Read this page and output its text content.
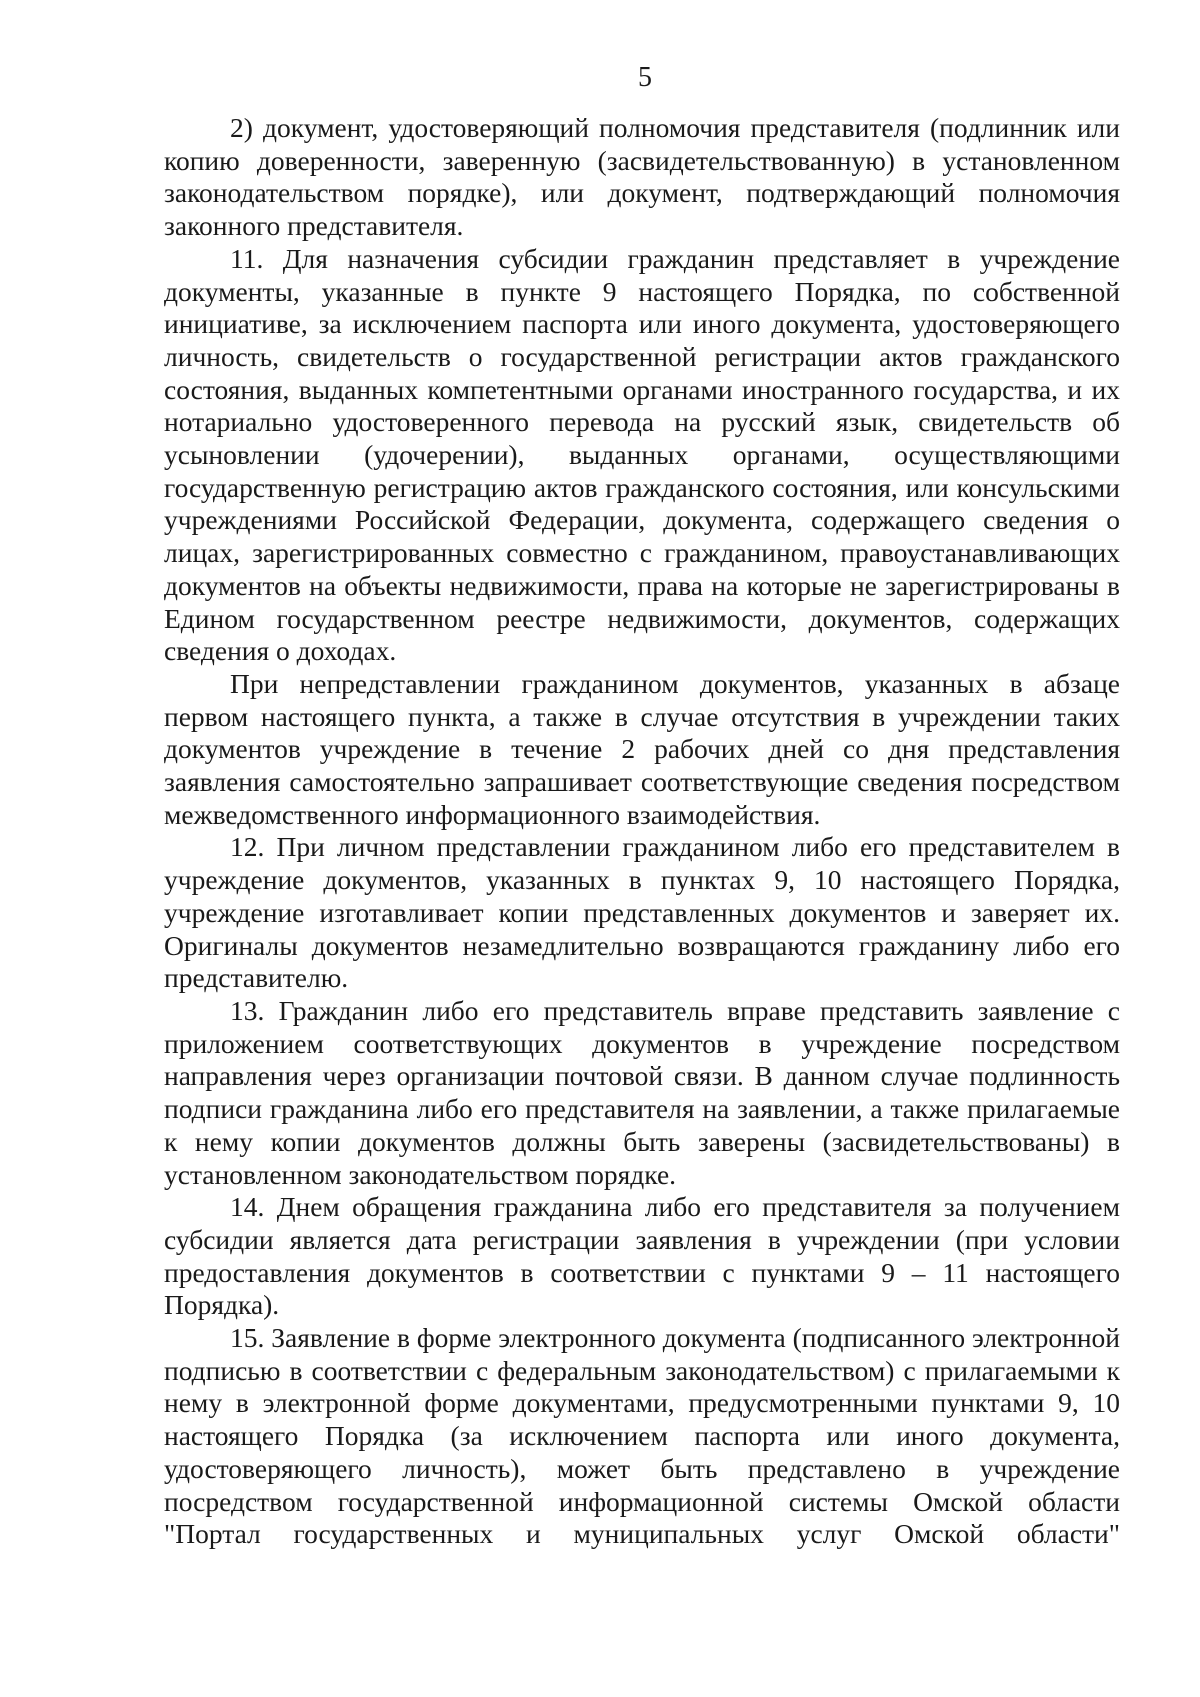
5

2) документ, удостоверяющий полномочия представителя (подлинник или копию доверенности, заверенную (засвидетельствованную) в установленном законодательством порядке), или документ, подтверждающий полномочия законного представителя.

11. Для назначения субсидии гражданин представляет в учреждение документы, указанные в пункте 9 настоящего Порядка, по собственной инициативе, за исключением паспорта или иного документа, удостоверяющего личность, свидетельств о государственной регистрации актов гражданского состояния, выданных компетентными органами иностранного государства, и их нотариально удостоверенного перевода на русский язык, свидетельств об усыновлении (удочерении), выданных органами, осуществляющими государственную регистрацию актов гражданского состояния, или консульскими учреждениями Российской Федерации, документа, содержащего сведения о лицах, зарегистрированных совместно с гражданином, правоустанавливающих документов на объекты недвижимости, права на которые не зарегистрированы в Едином государственном реестре недвижимости, документов, содержащих сведения о доходах.

При непредставлении гражданином документов, указанных в абзаце первом настоящего пункта, а также в случае отсутствия в учреждении таких документов учреждение в течение 2 рабочих дней со дня представления заявления самостоятельно запрашивает соответствующие сведения посредством межведомственного информационного взаимодействия.

12. При личном представлении гражданином либо его представителем в учреждение документов, указанных в пунктах 9, 10 настоящего Порядка, учреждение изготавливает копии представленных документов и заверяет их. Оригиналы документов незамедлительно возвращаются гражданину либо его представителю.

13. Гражданин либо его представитель вправе представить заявление с приложением соответствующих документов в учреждение посредством направления через организации почтовой связи. В данном случае подлинность подписи гражданина либо его представителя на заявлении, а также прилагаемые к нему копии документов должны быть заверены (засвидетельствованы) в установленном законодательством порядке.

14. Днем обращения гражданина либо его представителя за получением субсидии является дата регистрации заявления в учреждении (при условии предоставления документов в соответствии с пунктами 9 – 11 настоящего Порядка).

15. Заявление в форме электронного документа (подписанного электронной подписью в соответствии с федеральным законодательством) с прилагаемыми к нему в электронной форме документами, предусмотренными пунктами 9, 10 настоящего Порядка (за исключением паспорта или иного документа, удостоверяющего личность), может быть представлено в учреждение посредством государственной информационной системы Омской области "Портал государственных и муниципальных услуг Омской области"
